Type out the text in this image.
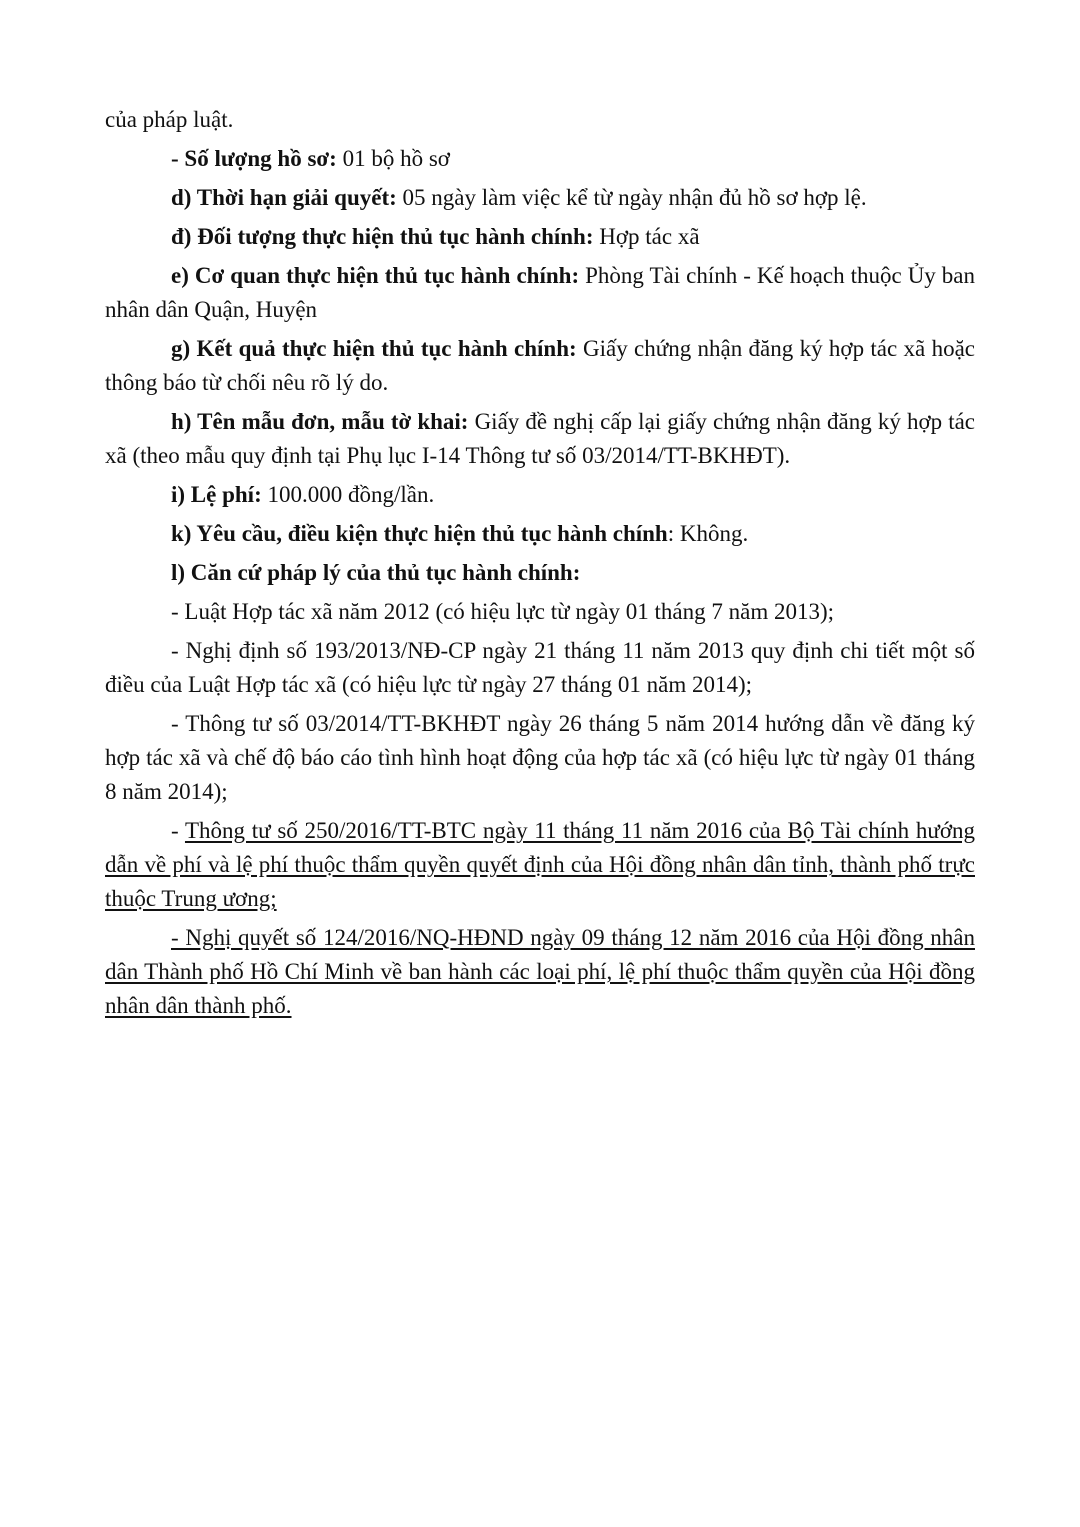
của pháp luật.

- Số lượng hồ sơ: 01 bộ hồ sơ

d) Thời hạn giải quyết: 05 ngày làm việc kể từ ngày nhận đủ hồ sơ hợp lệ.

đ) Đối tượng thực hiện thủ tục hành chính: Hợp tác xã

e) Cơ quan thực hiện thủ tục hành chính: Phòng Tài chính - Kế hoạch thuộc Ủy ban nhân dân Quận, Huyện

g) Kết quả thực hiện thủ tục hành chính: Giấy chứng nhận đăng ký hợp tác xã hoặc thông báo từ chối nêu rõ lý do.

h) Tên mẫu đơn, mẫu tờ khai: Giấy đề nghị cấp lại giấy chứng nhận đăng ký hợp tác xã (theo mẫu quy định tại Phụ lục I-14 Thông tư số 03/2014/TT-BKHĐT).

i) Lệ phí: 100.000 đồng/lần.

k) Yêu cầu, điều kiện thực hiện thủ tục hành chính: Không.

l) Căn cứ pháp lý của thủ tục hành chính:

- Luật Hợp tác xã năm 2012 (có hiệu lực từ ngày 01 tháng 7 năm 2013);

- Nghị định số 193/2013/NĐ-CP ngày 21 tháng 11 năm 2013 quy định chi tiết một số điều của Luật Hợp tác xã (có hiệu lực từ ngày 27 tháng 01 năm 2014);

- Thông tư số 03/2014/TT-BKHĐT ngày 26 tháng 5 năm 2014 hướng dẫn về đăng ký hợp tác xã và chế độ báo cáo tình hình hoạt động của hợp tác xã (có hiệu lực từ ngày 01 tháng 8 năm 2014);

- Thông tư số 250/2016/TT-BTC ngày 11 tháng 11 năm 2016 của Bộ Tài chính hướng dẫn về phí và lệ phí thuộc thẩm quyền quyết định của Hội đồng nhân dân tỉnh, thành phố trực thuộc Trung ương;

- Nghị quyết số 124/2016/NQ-HĐND ngày 09 tháng 12 năm 2016 của Hội đồng nhân dân Thành phố Hồ Chí Minh về ban hành các loại phí, lệ phí thuộc thẩm quyền của Hội đồng nhân dân thành phố.
